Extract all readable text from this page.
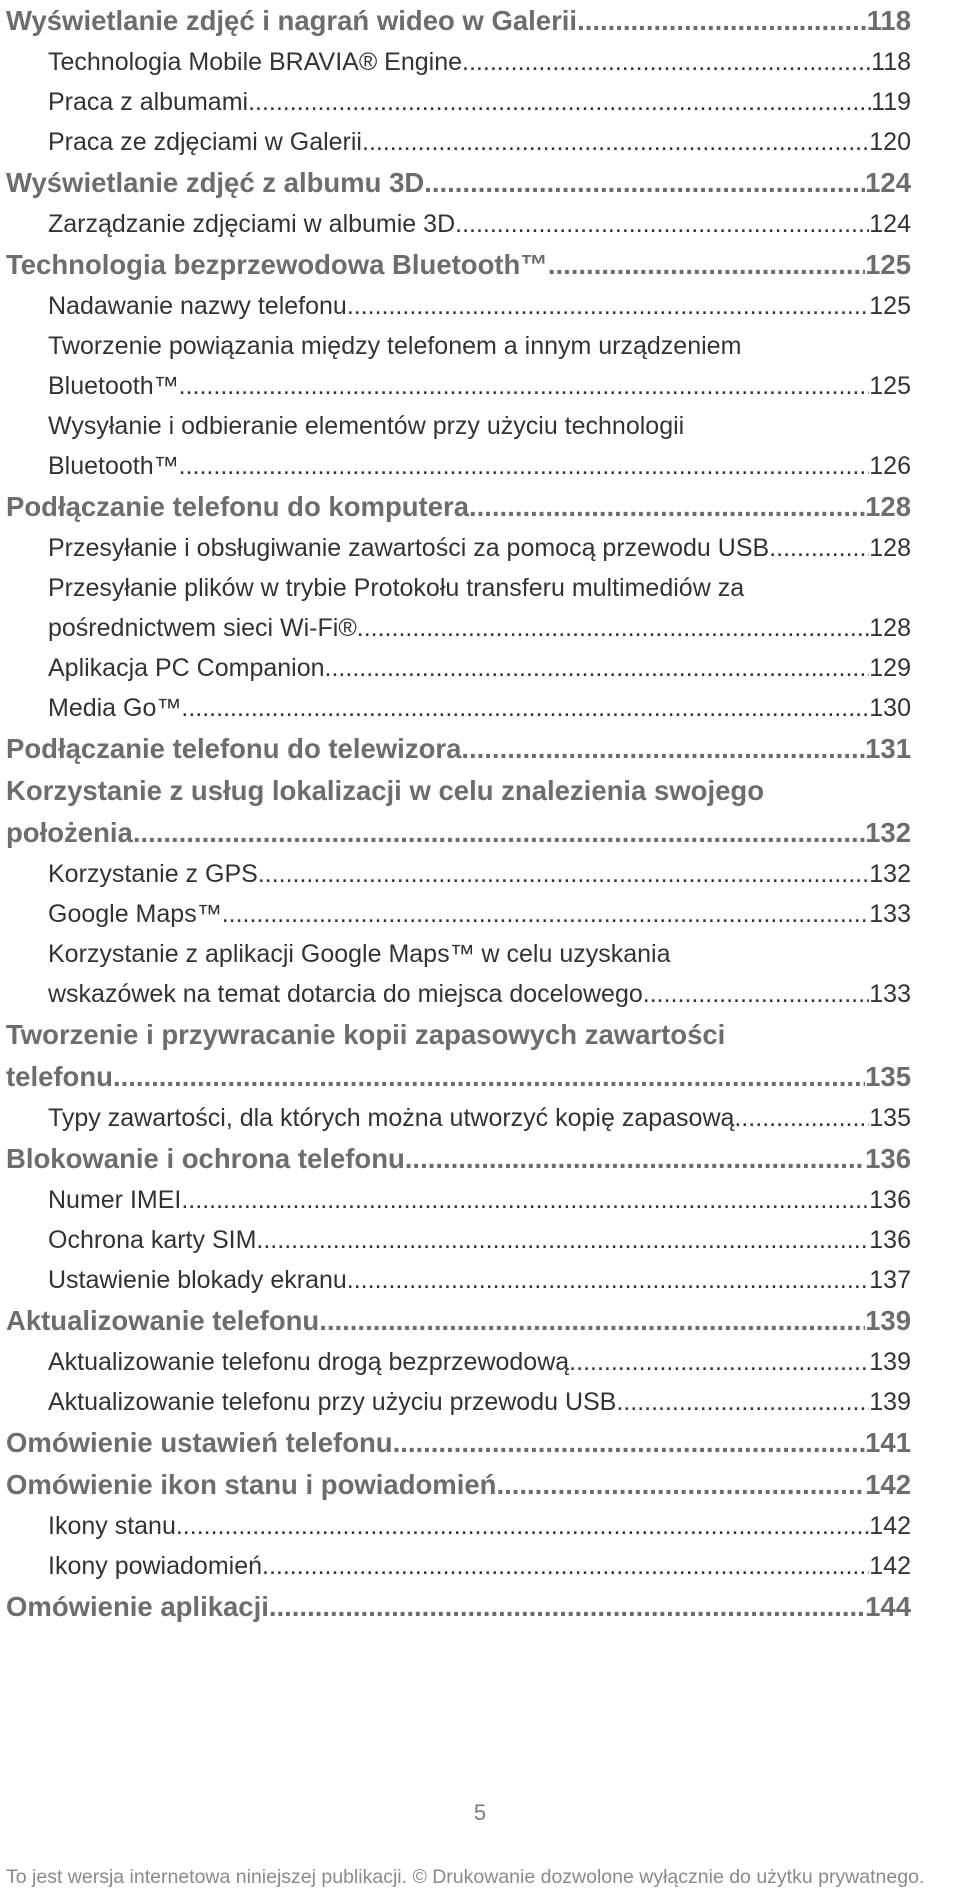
Wyświetlanie zdjęć i nagrań wideo w Galerii .....	118
Technologia Mobile BRAVIA® Engine .....	118
Praca z albumami .....	119
Praca ze zdjęciami w Galerii .....	120
Wyświetlanie zdjęć z albumu 3D .....	124
Zarządzanie zdjęciami w albumie 3D .....	124
Technologia bezprzewodowa Bluetooth™ .....	125
Nadawanie nazwy telefonu .....	125
Tworzenie powiązania między telefonem a innym urządzeniem
Bluetooth™ .....	125
Wysyłanie i odbieranie elementów przy użyciu technologii
Bluetooth™ .....	126
Podłączanie telefonu do komputera .....	128
Przesyłanie i obsługiwanie zawartości za pomocą przewodu USB .....	128
Przesyłanie plików w trybie Protokołu transferu multimediów za
pośrednictwem sieci Wi-Fi® .....	128
Aplikacja PC Companion .....	129
Media Go™ .....	130
Podłączanie telefonu do telewizora .....	131
Korzystanie z usług lokalizacji w celu znalezienia swojego
położenia .....	132
Korzystanie z GPS .....	132
Google Maps™ .....	133
Korzystanie z aplikacji Google Maps™ w celu uzyskania
wskazówek na temat dotarcia do miejsca docelowego .....	133
Tworzenie i przywracanie kopii zapasowych zawartości
telefonu .....	135
Typy zawartości, dla których można utworzyć kopię zapasową .....	135
Blokowanie i ochrona telefonu .....	136
Numer IMEI .....	136
Ochrona karty SIM .....	136
Ustawienie blokady ekranu .....	137
Aktualizowanie telefonu .....	139
Aktualizowanie telefonu drogą bezprzewodową .....	139
Aktualizowanie telefonu przy użyciu przewodu USB .....	139
Omówienie ustawień telefonu .....	141
Omówienie ikon stanu i powiadomień .....	142
Ikony stanu .....	142
Ikony powiadomień .....	142
Omówienie aplikacji .....	144
5
To jest wersja internetowa niniejszej publikacji. © Drukowanie dozwolone wyłącznie do użytku prywatnego.
